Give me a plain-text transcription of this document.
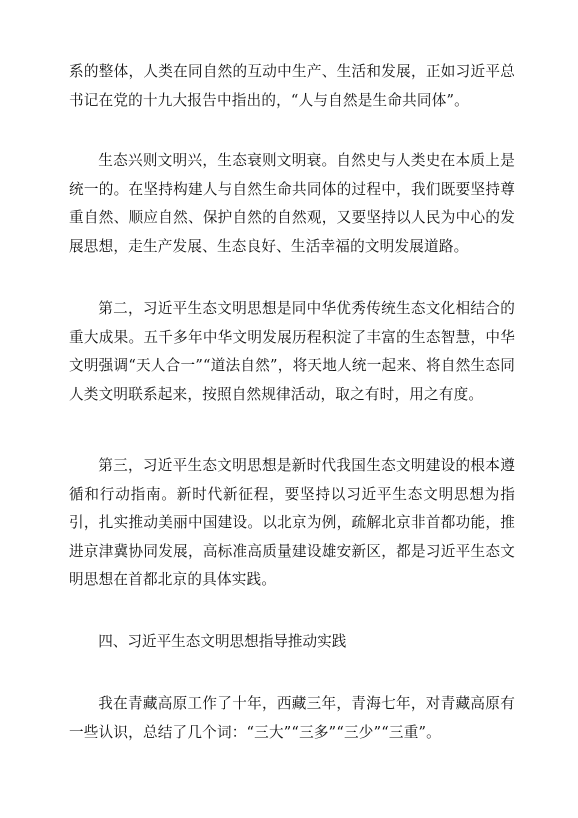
系的整体，人类在同自然的互动中生产、生活和发展，正如习近平总书记在党的十九大报告中指出的，“人与自然是生命共同体”。

生态兴则文明兴，生态衰则文明衰。自然史与人类史在本质上是统一的。在坚持构建人与自然生命共同体的过程中，我们既要坚持尊重自然、顺应自然、保护自然的自然观，又要坚持以人民为中心的发展思想，走生产发展、生态良好、生活幸福的文明发展道路。

第二，习近平生态文明思想是同中华优秀传统生态文化相结合的重大成果。五千多年中华文明发展历程积淀了丰富的生态智慧，中华文明强调“天人合一”“道法自然”，将天地人统一起来、将自然生态同人类文明联系起来，按照自然规律活动，取之有时，用之有度。

第三，习近平生态文明思想是新时代我国生态文明建设的根本遵循和行动指南。新时代新征程，要坚持以习近平生态文明思想为指引，扎实推动美丽中国建设。以北京为例，疏解北京非首都功能，推进京津冀协同发展，高标准高质量建设雄安新区，都是习近平生态文明思想在首都北京的具体实践。

四、习近平生态文明思想指导推动实践

我在青藏高原工作了十年，西藏三年，青海七年，对青藏高原有一些认识，总结了几个词：“三大”“三多”“三少”“三重”。
